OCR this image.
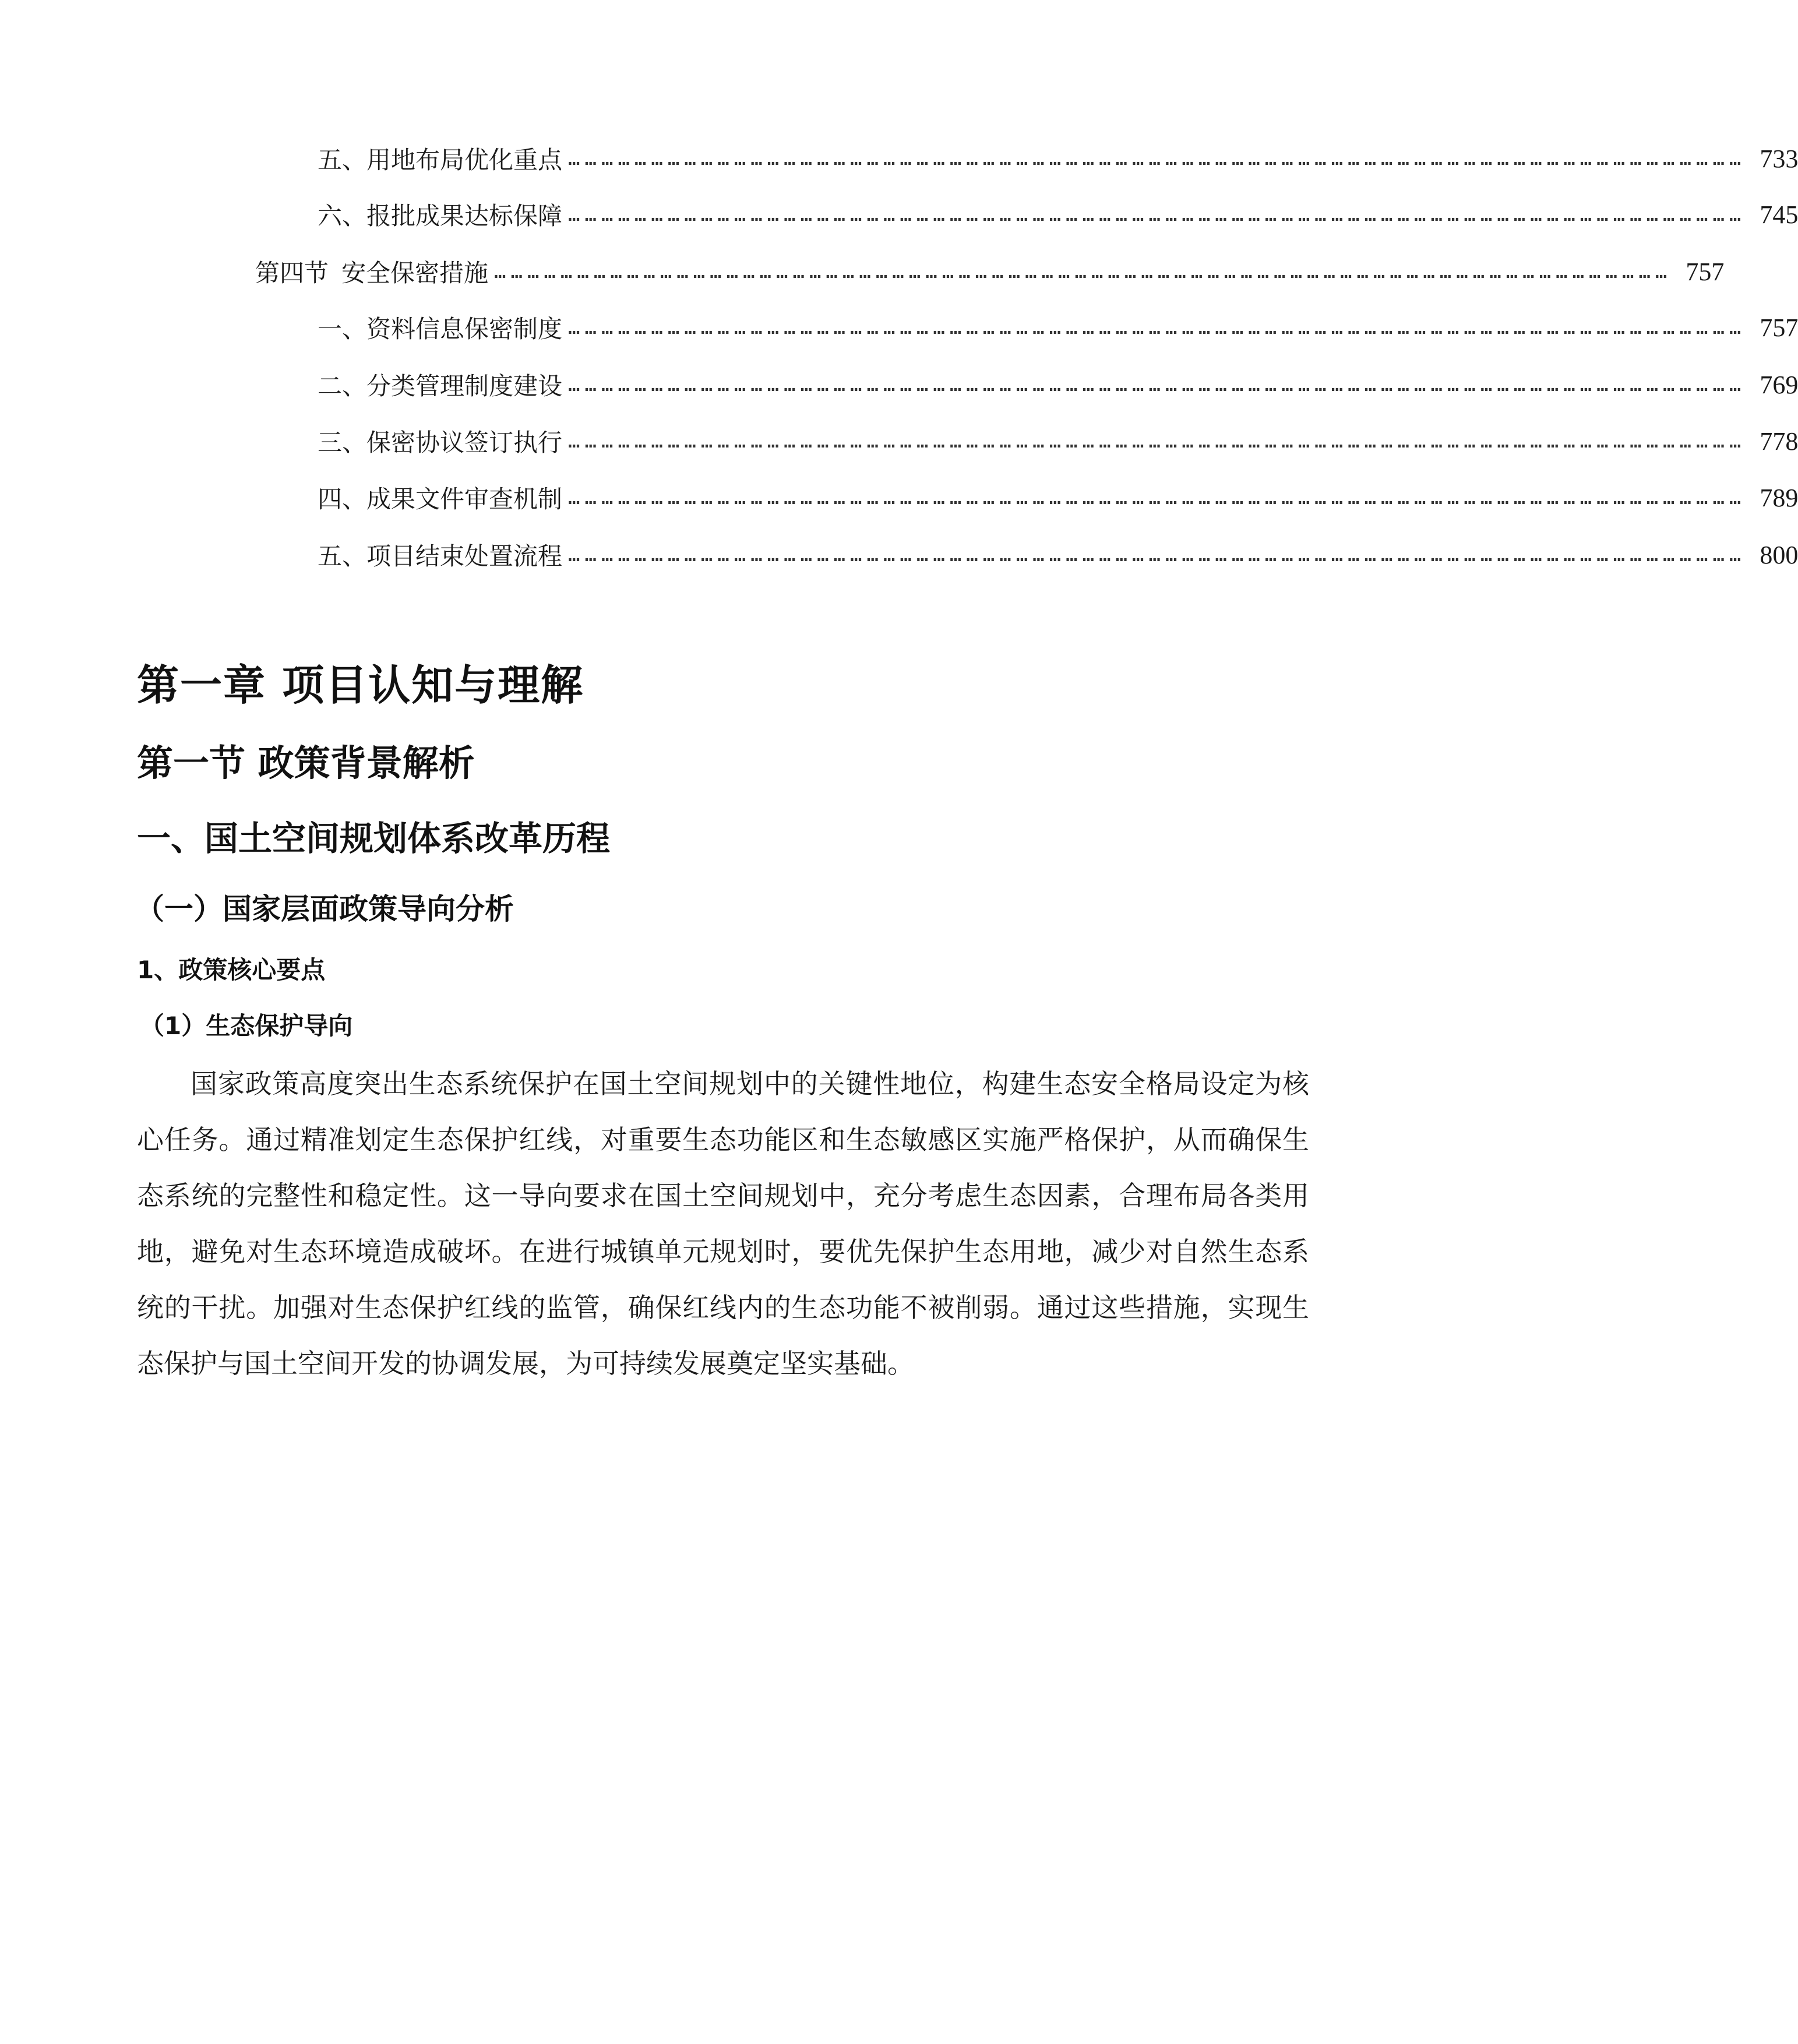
五、 用地布局优化重点 …………………………………………………………………………………………………………………………………………………………………………………………… 733
六、 报批成果达标保障 …………………………………………………………………………………………………………………………………………………………………………………………… 745
第四节 安全保密措施 …………………………………………………………………………………………………………………………………………………………………………………………… 757
一、 资料信息保密制度 …………………………………………………………………………………………………………………………………………………………………………………………… 757
二、 分类管理制度建设 …………………………………………………………………………………………………………………………………………………………………………………………… 769
三、 保密协议签订执行 …………………………………………………………………………………………………………………………………………………………………………………………… 778
四、 成果文件审查机制 …………………………………………………………………………………………………………………………………………………………………………………………… 789
五、 项目结束处置流程 …………………………………………………………………………………………………………………………………………………………………………………………… 800
第一章 项目认知与理解
第一节 政策背景解析
一、国土空间规划体系改革历程
（一）国家层面政策导向分析
1、政策核心要点
（1）生态保护导向

国家政策高度突出生态系统保护在国土空间规划中的关键性地位，构建生态安全格局设定为核心任务。通过精准划定生态保护红线，对重要生态功能区和生态敏感区实施严格保护，从而确保生态系统的完整性和稳定性。这一导向要求在国土空间规划中，充分考虑生态因素，合理布局各类用地，避免对生态环境造成破坏。在进行城镇单元规划时，要优先保护生态用地，减少对自然生态系统的干扰。加强对生态保护红线的监管，确保红线内的生态功能不被削弱。通过这些措施，实现生态保护与国土空间开发的协调发展，为可持续发展奠定坚实基础。
